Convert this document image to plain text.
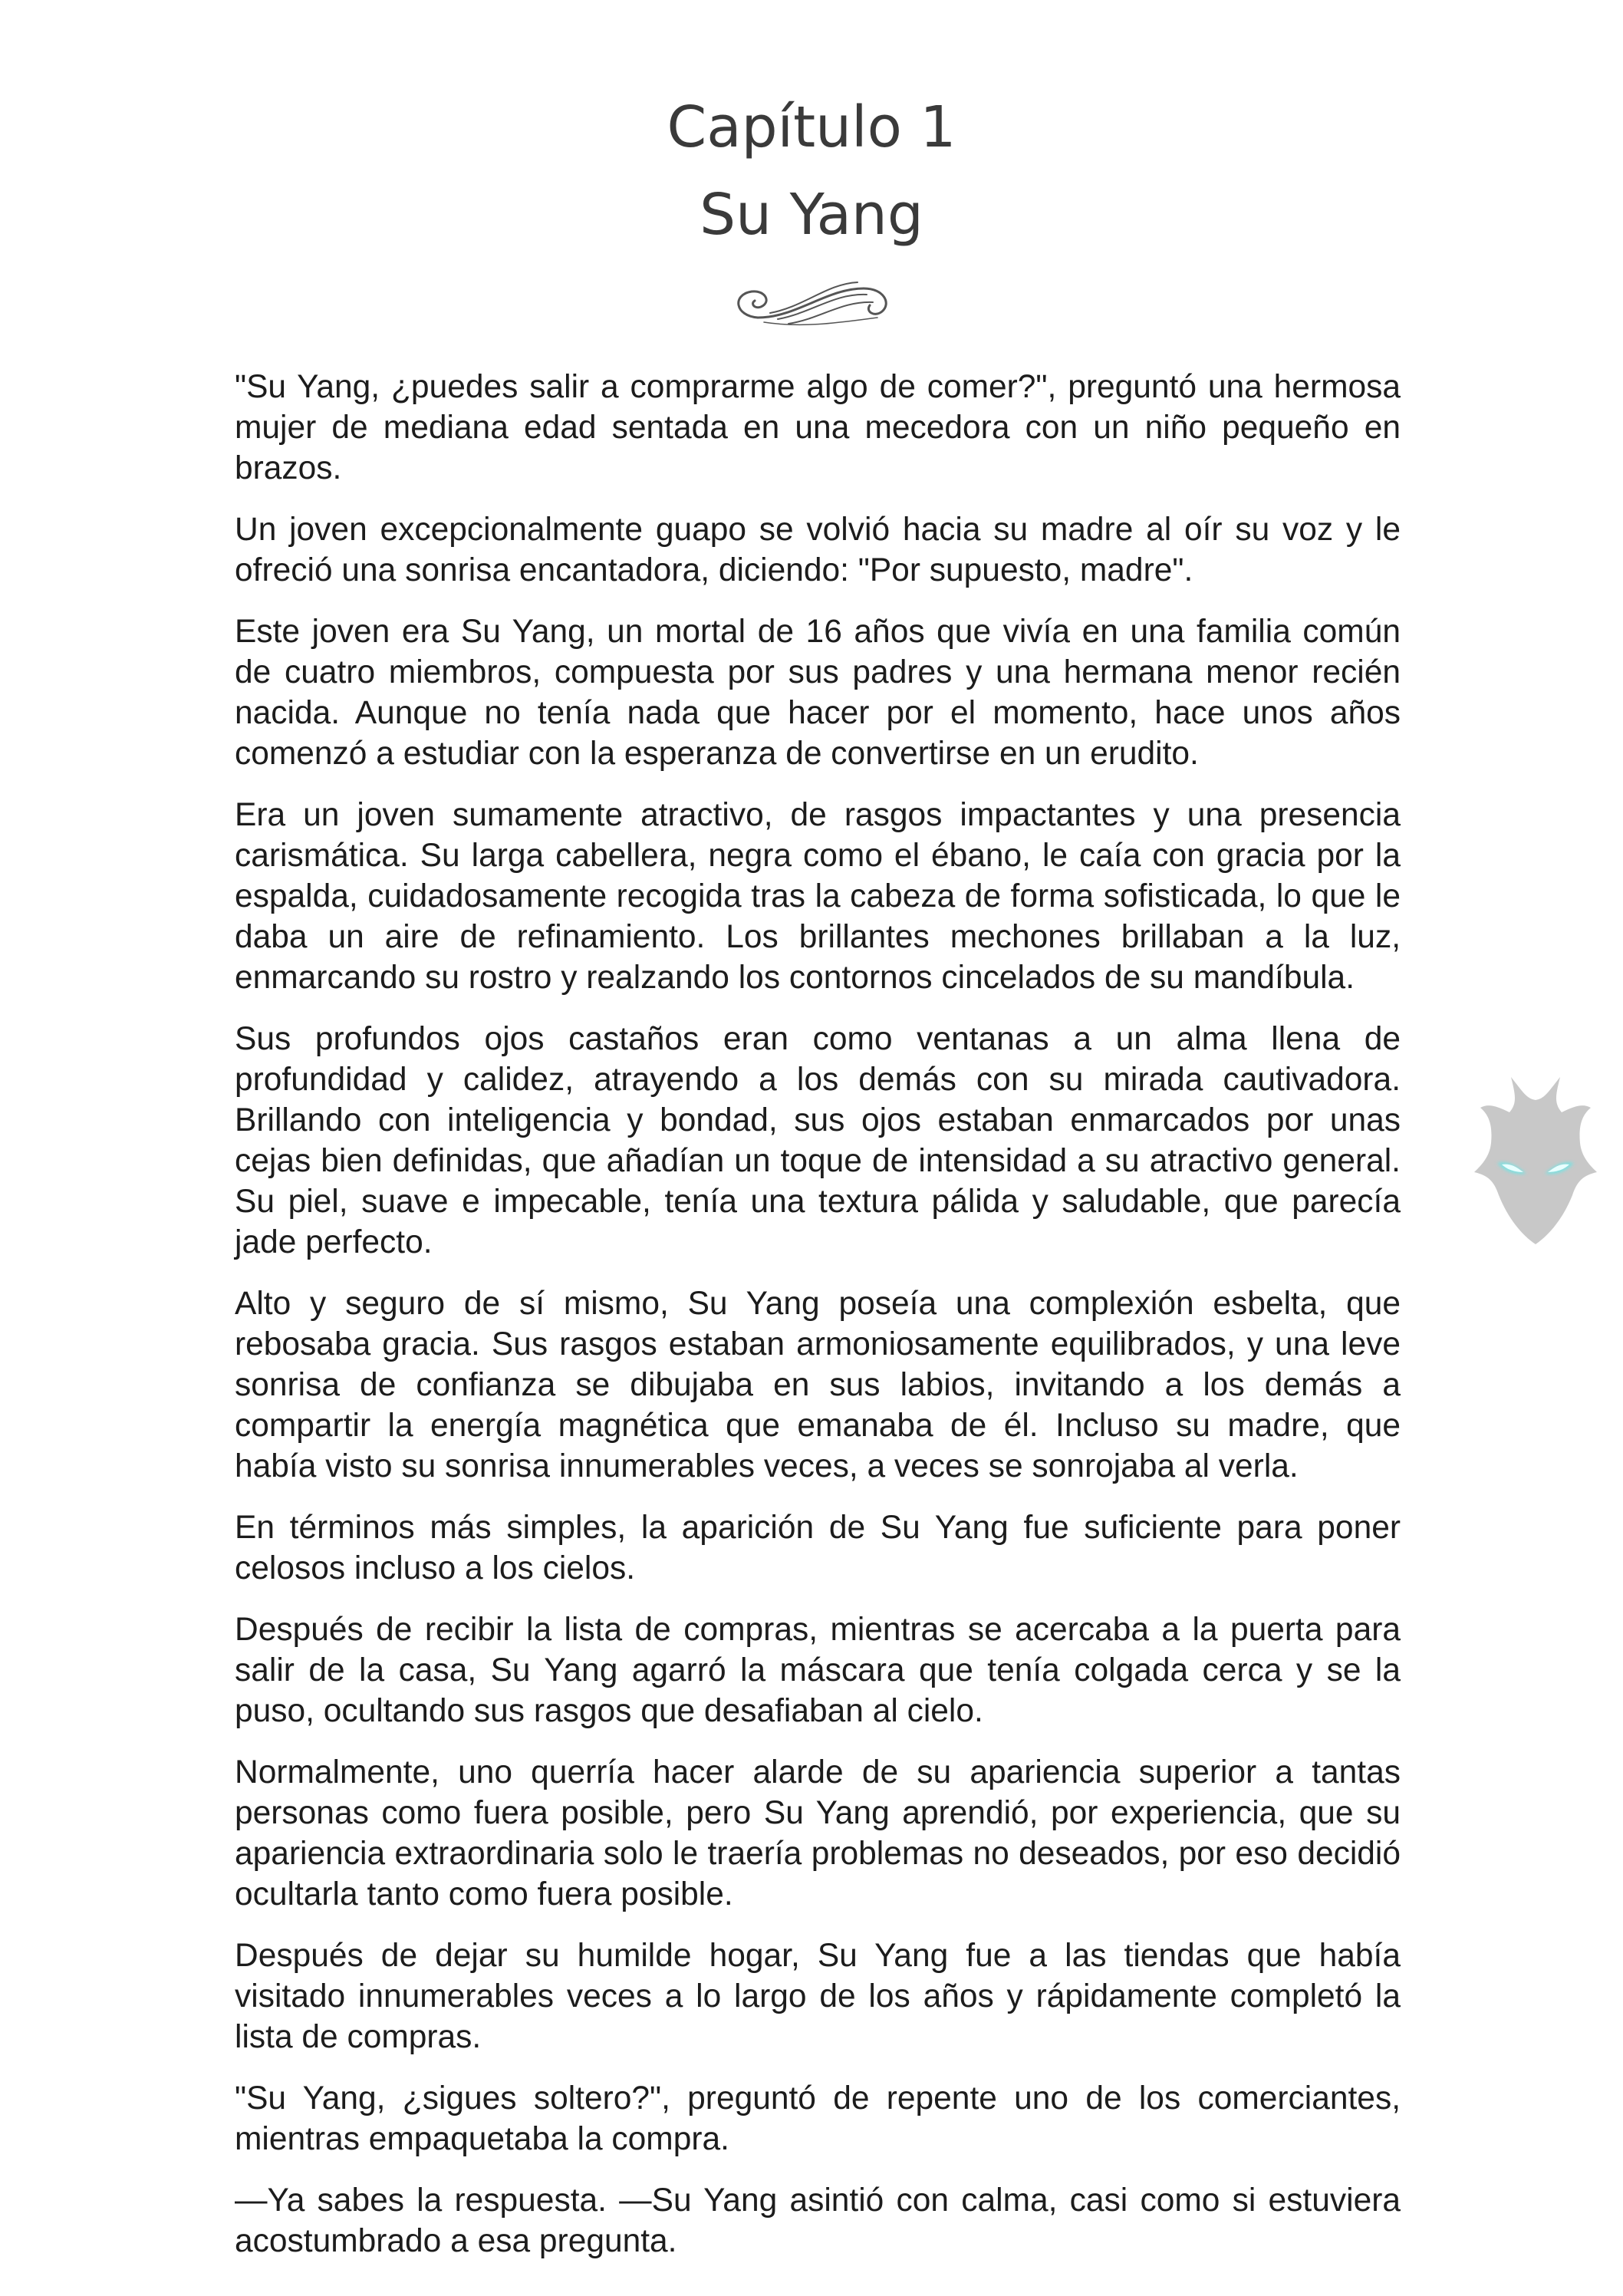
Capítulo 1
Su Yang

"Su Yang, ¿puedes salir a comprarme algo de comer?", preguntó una hermosa mujer de mediana edad sentada en una mecedora con un niño pequeño en brazos.

Un joven excepcionalmente guapo se volvió hacia su madre al oír su voz y le ofreció una sonrisa encantadora, diciendo: "Por supuesto, madre".

Este joven era Su Yang, un mortal de 16 años que vivía en una familia común de cuatro miembros, compuesta por sus padres y una hermana menor recién nacida. Aunque no tenía nada que hacer por el momento, hace unos años comenzó a estudiar con la esperanza de convertirse en un erudito.

Era un joven sumamente atractivo, de rasgos impactantes y una presencia carismática. Su larga cabellera, negra como el ébano, le caía con gracia por la espalda, cuidadosamente recogida tras la cabeza de forma sofisticada, lo que le daba un aire de refinamiento. Los brillantes mechones brillaban a la luz, enmarcando su rostro y realzando los contornos cincelados de su mandíbula.

Sus profundos ojos castaños eran como ventanas a un alma llena de profundidad y calidez, atrayendo a los demás con su mirada cautivadora. Brillando con inteligencia y bondad, sus ojos estaban enmarcados por unas cejas bien definidas, que añadían un toque de intensidad a su atractivo general. Su piel, suave e impecable, tenía una textura pálida y saludable, que parecía jade perfecto.

Alto y seguro de sí mismo, Su Yang poseía una complexión esbelta, que rebosaba gracia. Sus rasgos estaban armoniosamente equilibrados, y una leve sonrisa de confianza se dibujaba en sus labios, invitando a los demás a compartir la energía magnética que emanaba de él. Incluso su madre, que había visto su sonrisa innumerables veces, a veces se sonrojaba al verla.

En términos más simples, la aparición de Su Yang fue suficiente para poner celosos incluso a los cielos.

Después de recibir la lista de compras, mientras se acercaba a la puerta para salir de la casa, Su Yang agarró la máscara que tenía colgada cerca y se la puso, ocultando sus rasgos que desafiaban al cielo.

Normalmente, uno querría hacer alarde de su apariencia superior a tantas personas como fuera posible, pero Su Yang aprendió, por experiencia, que su apariencia extraordinaria solo le traería problemas no deseados, por eso decidió ocultarla tanto como fuera posible.

Después de dejar su humilde hogar, Su Yang fue a las tiendas que había visitado innumerables veces a lo largo de los años y rápidamente completó la lista de compras.

"Su Yang, ¿sigues soltero?", preguntó de repente uno de los comerciantes, mientras empaquetaba la compra.

—Ya sabes la respuesta. —Su Yang asintió con calma, casi como si estuviera acostumbrado a esa pregunta.
